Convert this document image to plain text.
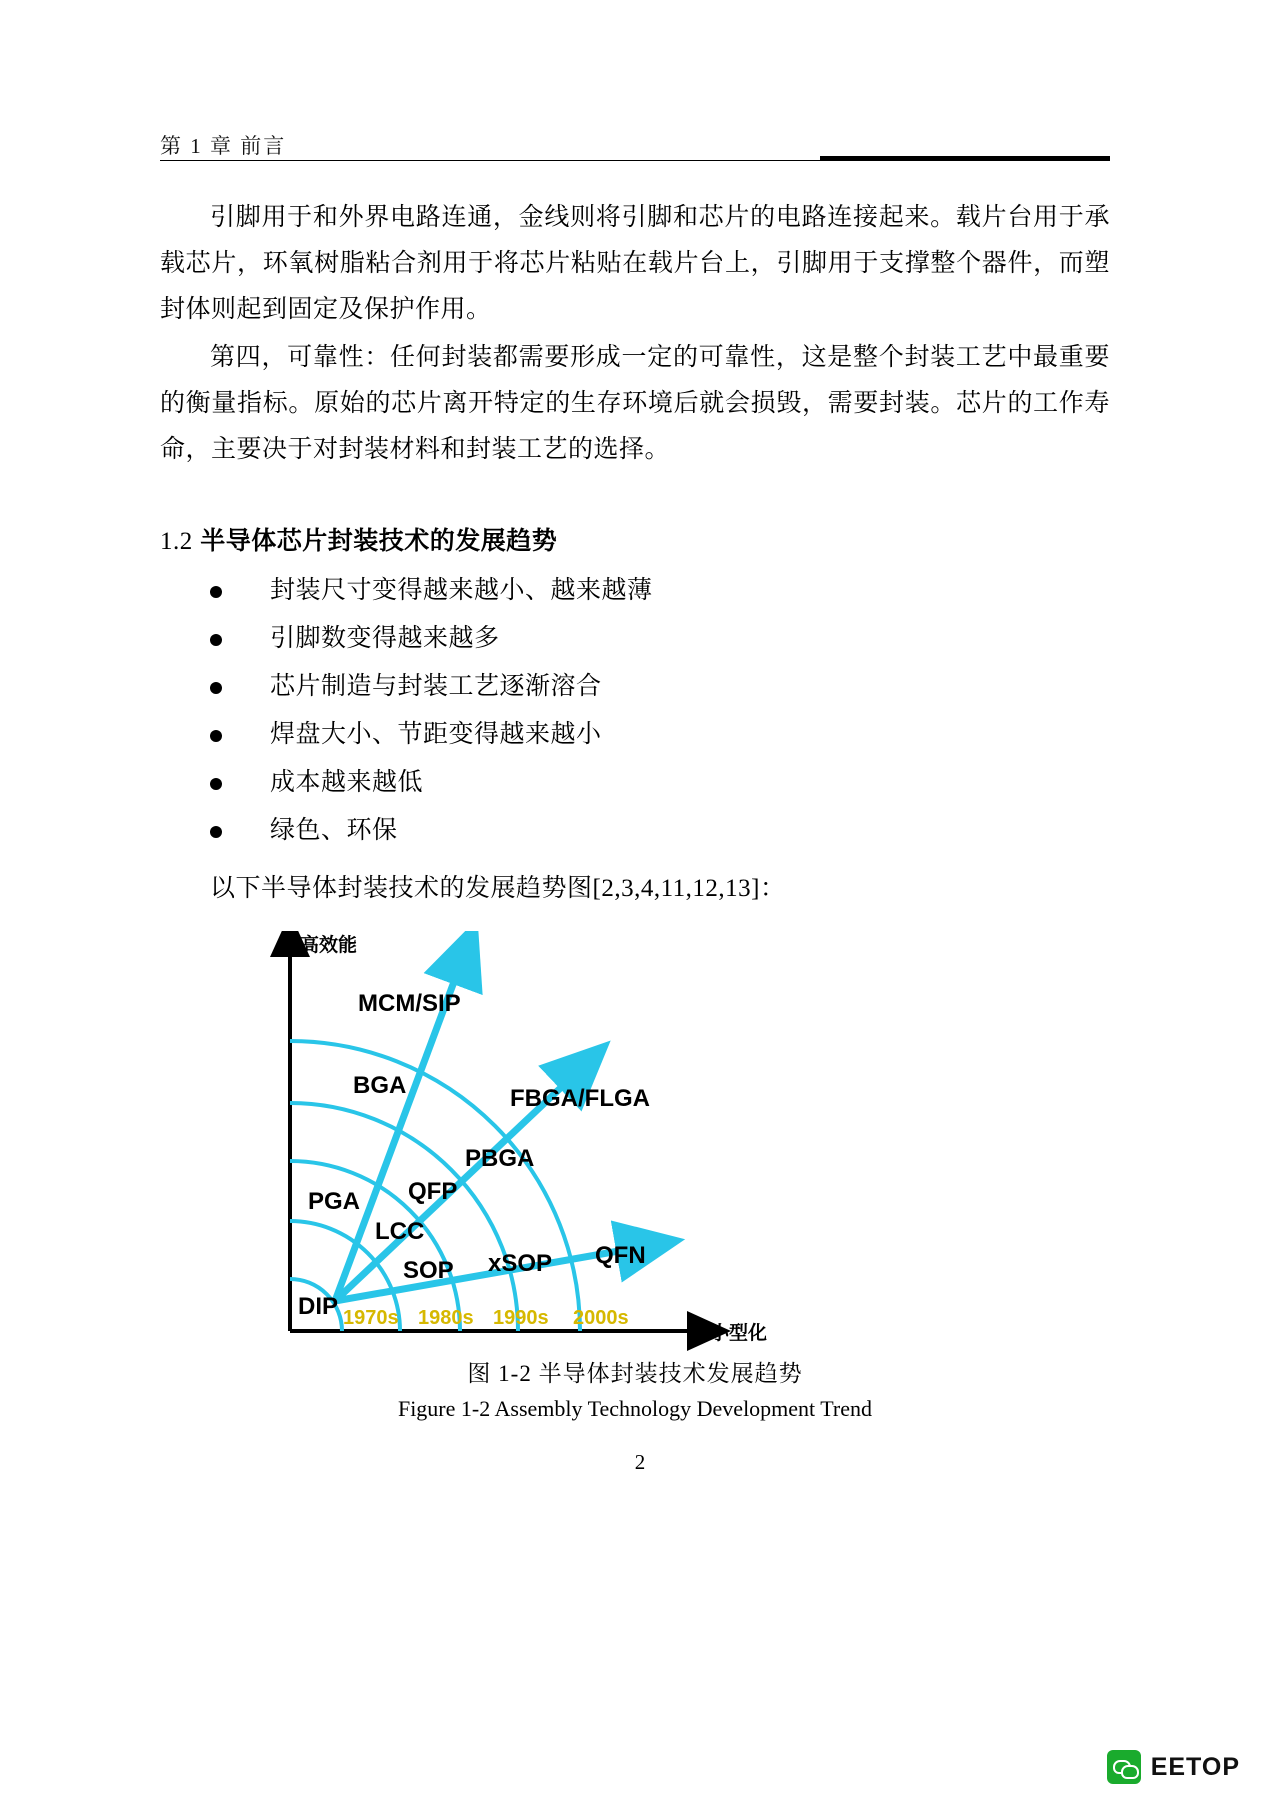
第 1 章 前言

引脚用于和外界电路连通，金线则将引脚和芯片的电路连接起来。载片台用于承载芯片，环氧树脂粘合剂用于将芯片粘贴在载片台上，引脚用于支撑整个器件，而塑封体则起到固定及保护作用。

第四，可靠性：任何封装都需要形成一定的可靠性，这是整个封装工艺中最重要的衡量指标。原始的芯片离开特定的生存环境后就会损毁，需要封装。芯片的工作寿命，主要决于对封装材料和封装工艺的选择。

1.2 半导体芯片封装技术的发展趋势
封装尺寸变得越来越小、越来越薄
引脚数变得越来越多
芯片制造与封装工艺逐渐溶合
焊盘大小、节距变得越来越小
成本越来越低
绿色、环保
以下半导体封装技术的发展趋势图[2,3,4,11,12,13]：
高效能
小型化
MCM/SIP
BGA	FBGA/FLGA
PBGA
PGA QFP
LCC
SOP xSOP QFN
DIP 1970s 1980s 1990s 2000s
图 1-2 半导体封装技术发展趋势
Figure 1-2 Assembly Technology Development Trend
2
EETOP
